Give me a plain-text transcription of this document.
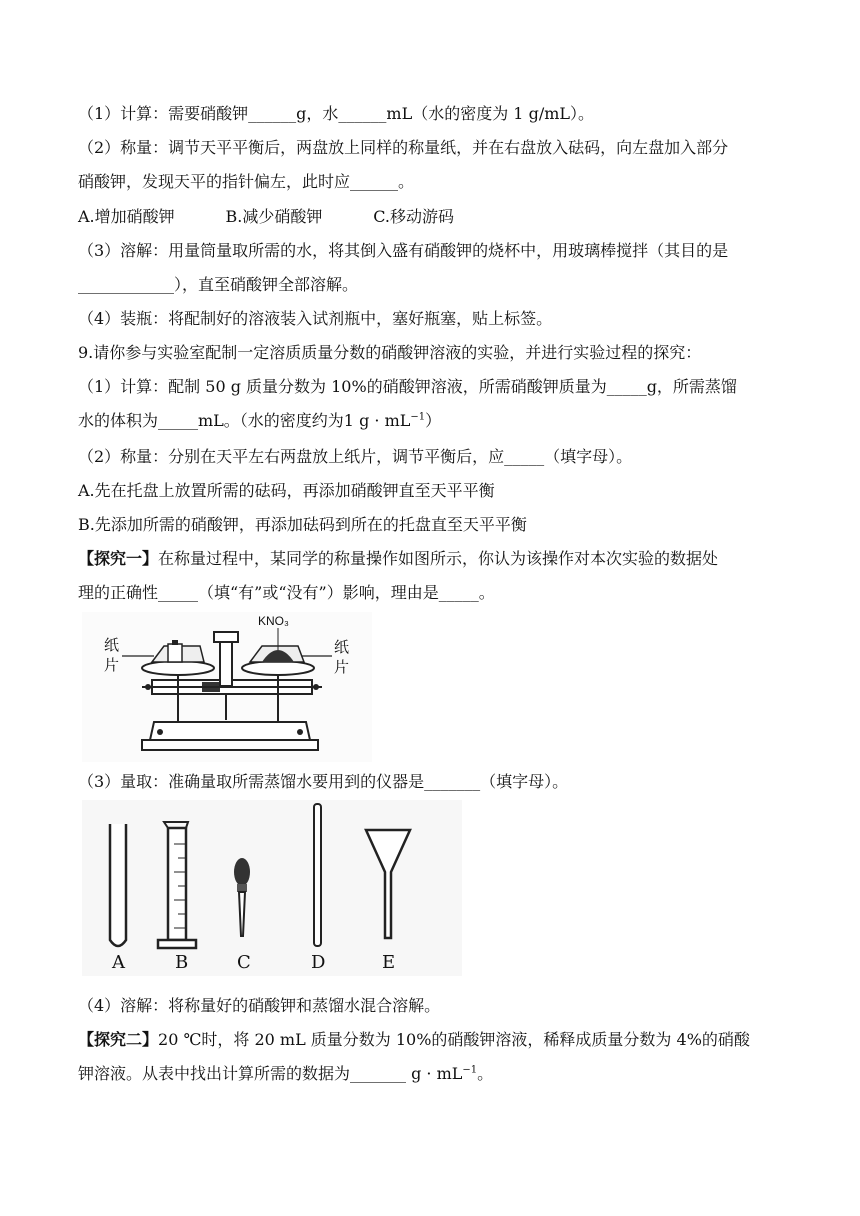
（1）计算：需要硝酸钾______g，水______mL（水的密度为 1 g/mL）。
（2）称量：调节天平平衡后，两盘放上同样的称量纸，并在右盘放入砝码，向左盘加入部分
硝酸钾，发现天平的指针偏左，此时应______。
A.增加硝酸钾          B.减少硝酸钾          C.移动游码
（3）溶解：用量筒量取所需的水，将其倒入盛有硝酸钾的烧杯中，用玻璃棒搅拌（其目的是
____________），直至硝酸钾全部溶解。
（4）装瓶：将配制好的溶液装入试剂瓶中，塞好瓶塞，贴上标签。
9.请你参与实验室配制一定溶质质量分数的硝酸钾溶液的实验，并进行实验过程的探究：
（1）计算：配制 50 g 质量分数为 10%的硝酸钾溶液，所需硝酸钾质量为_____g，所需蒸馏
水的体积为_____mL。（水的密度约为1 $g \cdot mL^{-1}$）
（2）称量：分别在天平左右两盘放上纸片，调节平衡后，应_____（填字母）。
A.先在托盘上放置所需的砝码，再添加硝酸钾直至天平平衡
B.先添加所需的硝酸钾，再添加砝码到所在的托盘直至天平平衡
【探究一】在称量过程中，某同学的称量操作如图所示，你认为该操作对本次实验的数据处
理的正确性_____（填“有”或“没有”）影响，理由是_____。
纸
片
纸
片
KNO₃
（3）量取：准确量取所需蒸馏水要用到的仪器是_______（填字母）。
A	B	C	D	E
（4）溶解：将称量好的硝酸钾和蒸馏水混合溶解。
【探究二】20 ℃时，将 20 mL 质量分数为 10%的硝酸钾溶液，稀释成质量分数为 4%的硝酸
钾溶液。从表中找出计算所需的数据为_______ $g \cdot mL^{-1}$。
